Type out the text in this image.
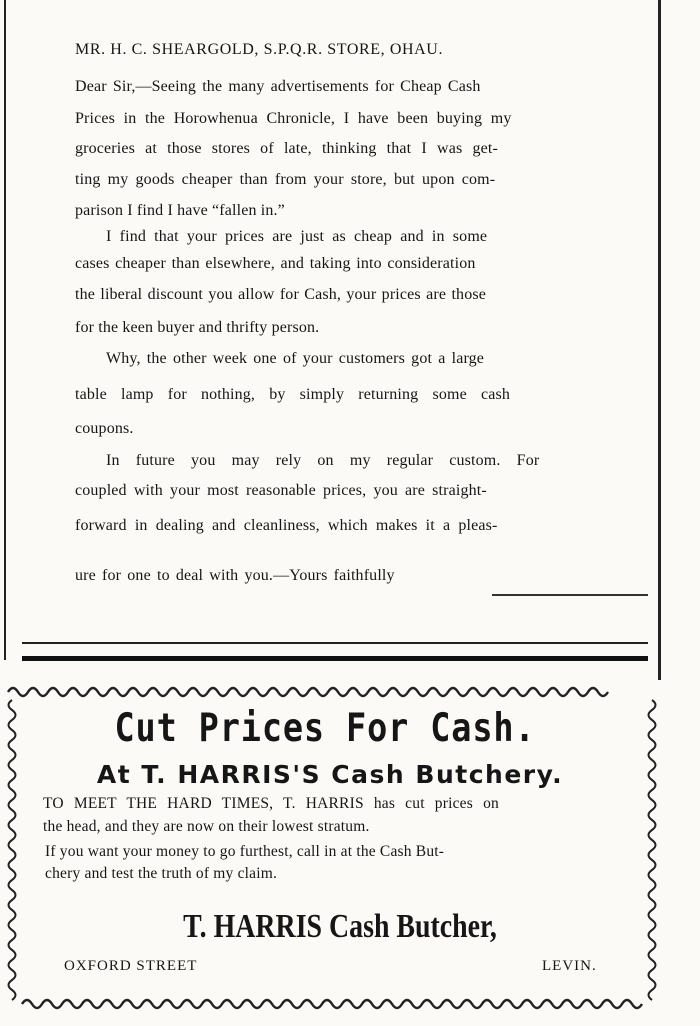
MR. H. C. SHEARGOLD, S.P.Q.R. STORE, OHAU.
Dear Sir,—Seeing the many advertisements for Cheap Cash
Prices in the Horowhenua Chronicle, I have been buying my
groceries at those stores of late, thinking that I was get-
ting my goods cheaper than from your store, but upon com-
parison I find I have “fallen in.”
I find that your prices are just as cheap and in some
cases cheaper than elsewhere, and taking into consideration
the liberal discount you allow for Cash, your prices are those
for the keen buyer and thrifty person.
Why, the other week one of your customers got a large
table lamp for nothing, by simply returning some cash
coupons.
In future you may rely on my regular custom. For
coupled with your most reasonable prices, you are straight-
forward in dealing and cleanliness, which makes it a pleas-
ure for one to deal with you.—Yours faithfully
Cut Prices For Cash.
At T. HARRIS'S Cash Butchery.
TO MEET THE HARD TIMES, T. HARRIS has cut prices on
the head, and they are now on their lowest stratum.
If you want your money to go furthest, call in at the Cash But-
chery and test the truth of my claim.
T. HARRIS Cash Butcher,
OXFORD STREET	LEVIN.
